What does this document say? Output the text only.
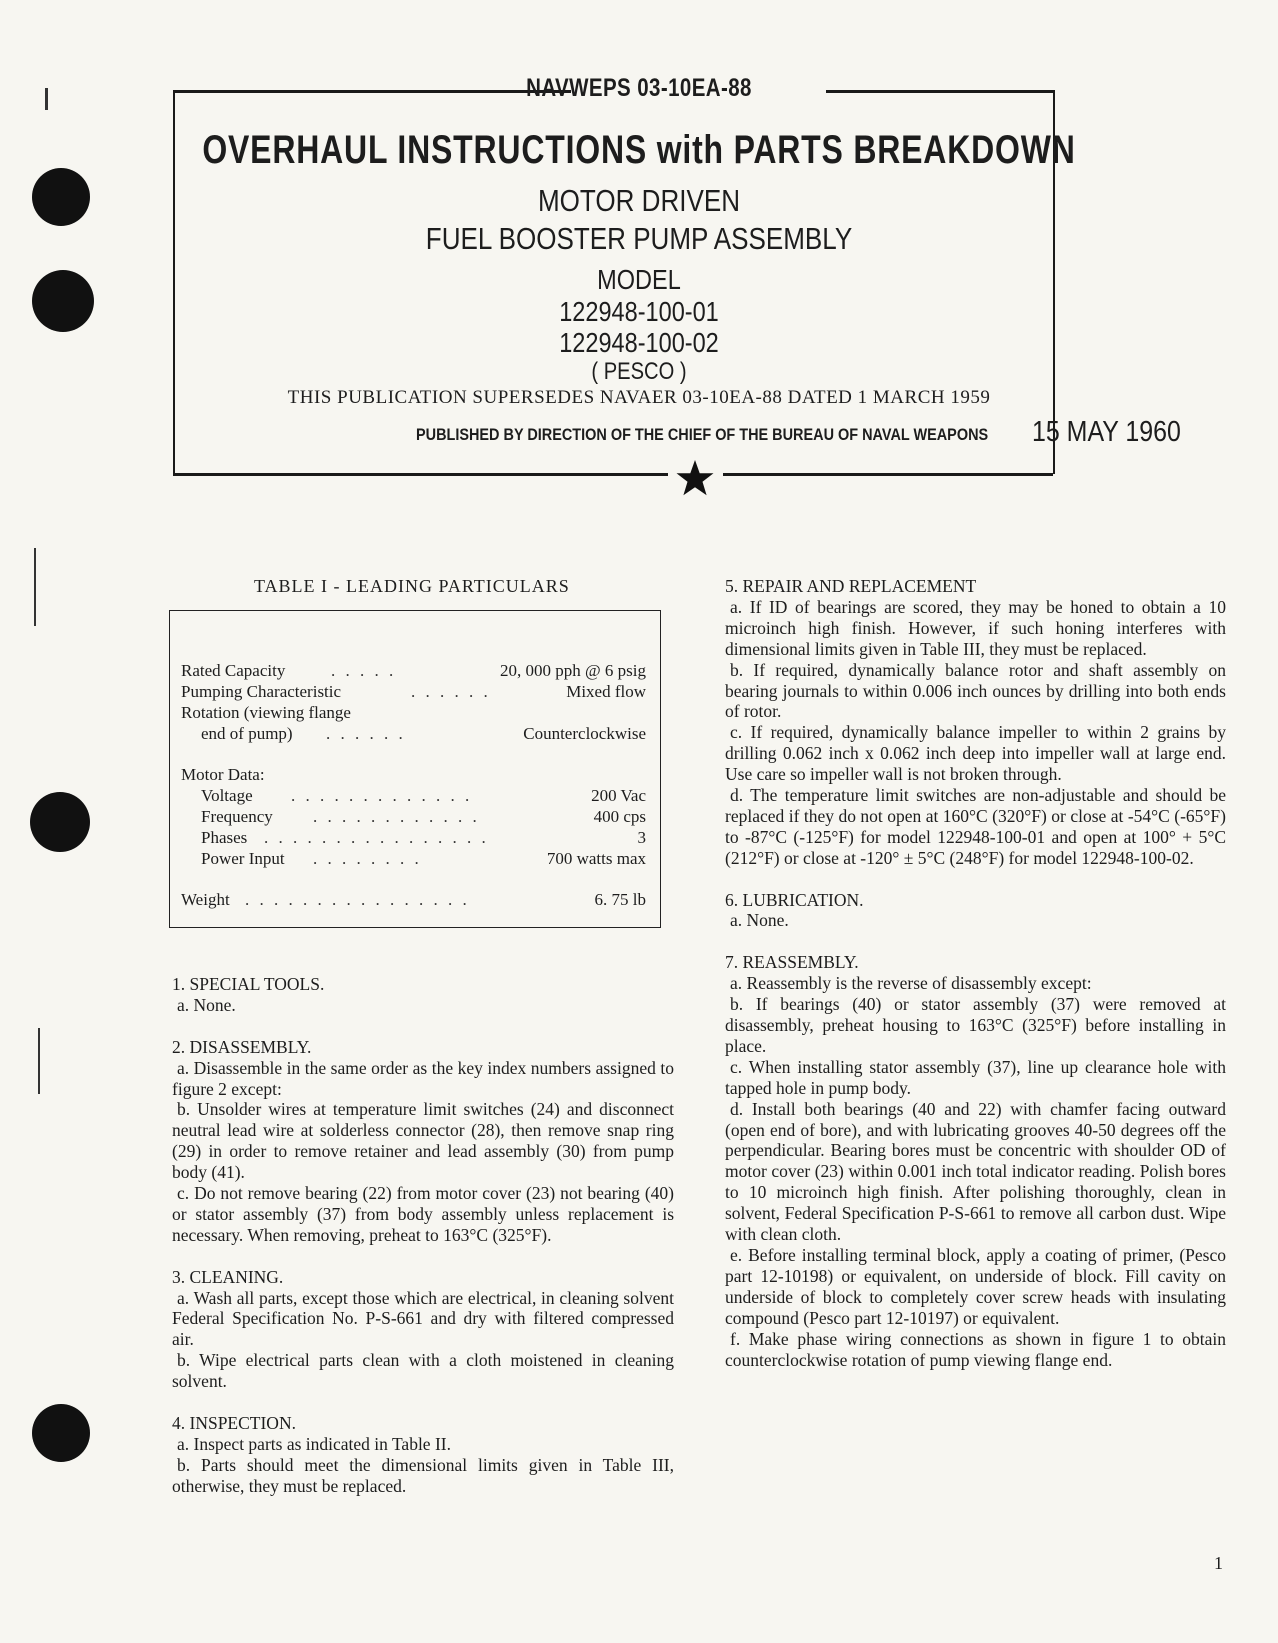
NAVWEPS 03-10EA-88
OVERHAUL INSTRUCTIONS with PARTS BREAKDOWN
MOTOR DRIVEN
FUEL BOOSTER PUMP ASSEMBLY
MODEL
122948-100-01
122948-100-02
( PESCO )
THIS PUBLICATION SUPERSEDES NAVAER 03-10EA-88 DATED 1 MARCH 1959
PUBLISHED BY DIRECTION OF THE CHIEF OF THE BUREAU OF NAVAL WEAPONS 15 MAY 1960
TABLE I - LEADING PARTICULARS
Rated Capacity	. . . . .	20, 000 pph @ 6 psig
Pumping Characteristic	. . . . . .	Mixed flow
Rotation (viewing flange
end of pump) . . . . . .	Counterclockwise
Motor Data:
Voltage . . . . . . . . . . . . .	200 Vac
Frequency . . . . . . . . . . . .	400 cps
Phases . . . . . . . . . . . . . . . .	3
Power Input . . . . . . . .	700 watts max
Weight . . . . . . . . . . . . . . . .	6. 75 lb

1. SPECIAL TOOLS.

a. None.

2. DISASSEMBLY.

a. Disassemble in the same order as the key index numbers assigned to figure 2 except:

b. Unsolder wires at temperature limit switches (24) and disconnect neutral lead wire at solderless connector (28), then remove snap ring (29) in order to remove retainer and lead assembly (30) from pump body (41).

c. Do not remove bearing (22) from motor cover (23) not bearing (40) or stator assembly (37) from body assembly unless replacement is necessary. When removing, preheat to 163°C (325°F).

3. CLEANING.

a. Wash all parts, except those which are electrical, in cleaning solvent Federal Specification No. P-S-661 and dry with filtered compressed air.

b. Wipe electrical parts clean with a cloth moistened in cleaning solvent.

4. INSPECTION.

a. Inspect parts as indicated in Table II.

b. Parts should meet the dimensional limits given in Table III, otherwise, they must be replaced.

5. REPAIR AND REPLACEMENT

a. If ID of bearings are scored, they may be honed to obtain a 10 microinch high finish. However, if such honing interferes with dimensional limits given in Table III, they must be replaced.

b. If required, dynamically balance rotor and shaft assembly on bearing journals to within 0.006 inch ounces by drilling into both ends of rotor.

c. If required, dynamically balance impeller to within 2 grains by drilling 0.062 inch x 0.062 inch deep into impeller wall at large end. Use care so impeller wall is not broken through.

d. The temperature limit switches are non-adjustable and should be replaced if they do not open at 160°C (320°F) or close at -54°C (-65°F) to -87°C (-125°F) for model 122948-100-01 and open at 100° + 5°C (212°F) or close at -120° ± 5°C (248°F) for model 122948-100-02.

6. LUBRICATION.

a. None.

7. REASSEMBLY.

a. Reassembly is the reverse of disassembly except:

b. If bearings (40) or stator assembly (37) were removed at disassembly, preheat housing to 163°C (325°F) before installing in place.

c. When installing stator assembly (37), line up clearance hole with tapped hole in pump body.

d. Install both bearings (40 and 22) with chamfer facing outward (open end of bore), and with lubricating grooves 40-50 degrees off the perpendicular. Bearing bores must be concentric with shoulder OD of motor cover (23) within 0.001 inch total indicator reading. Polish bores to 10 microinch high finish. After polishing thoroughly, clean in solvent, Federal Specification P-S-661 to remove all carbon dust. Wipe with clean cloth.

e. Before installing terminal block, apply a coating of primer, (Pesco part 12-10198) or equivalent, on underside of block. Fill cavity on underside of block to completely cover screw heads with insulating compound (Pesco part 12-10197) or equivalent.

f. Make phase wiring connections as shown in figure 1 to obtain counterclockwise rotation of pump viewing flange end.

1
